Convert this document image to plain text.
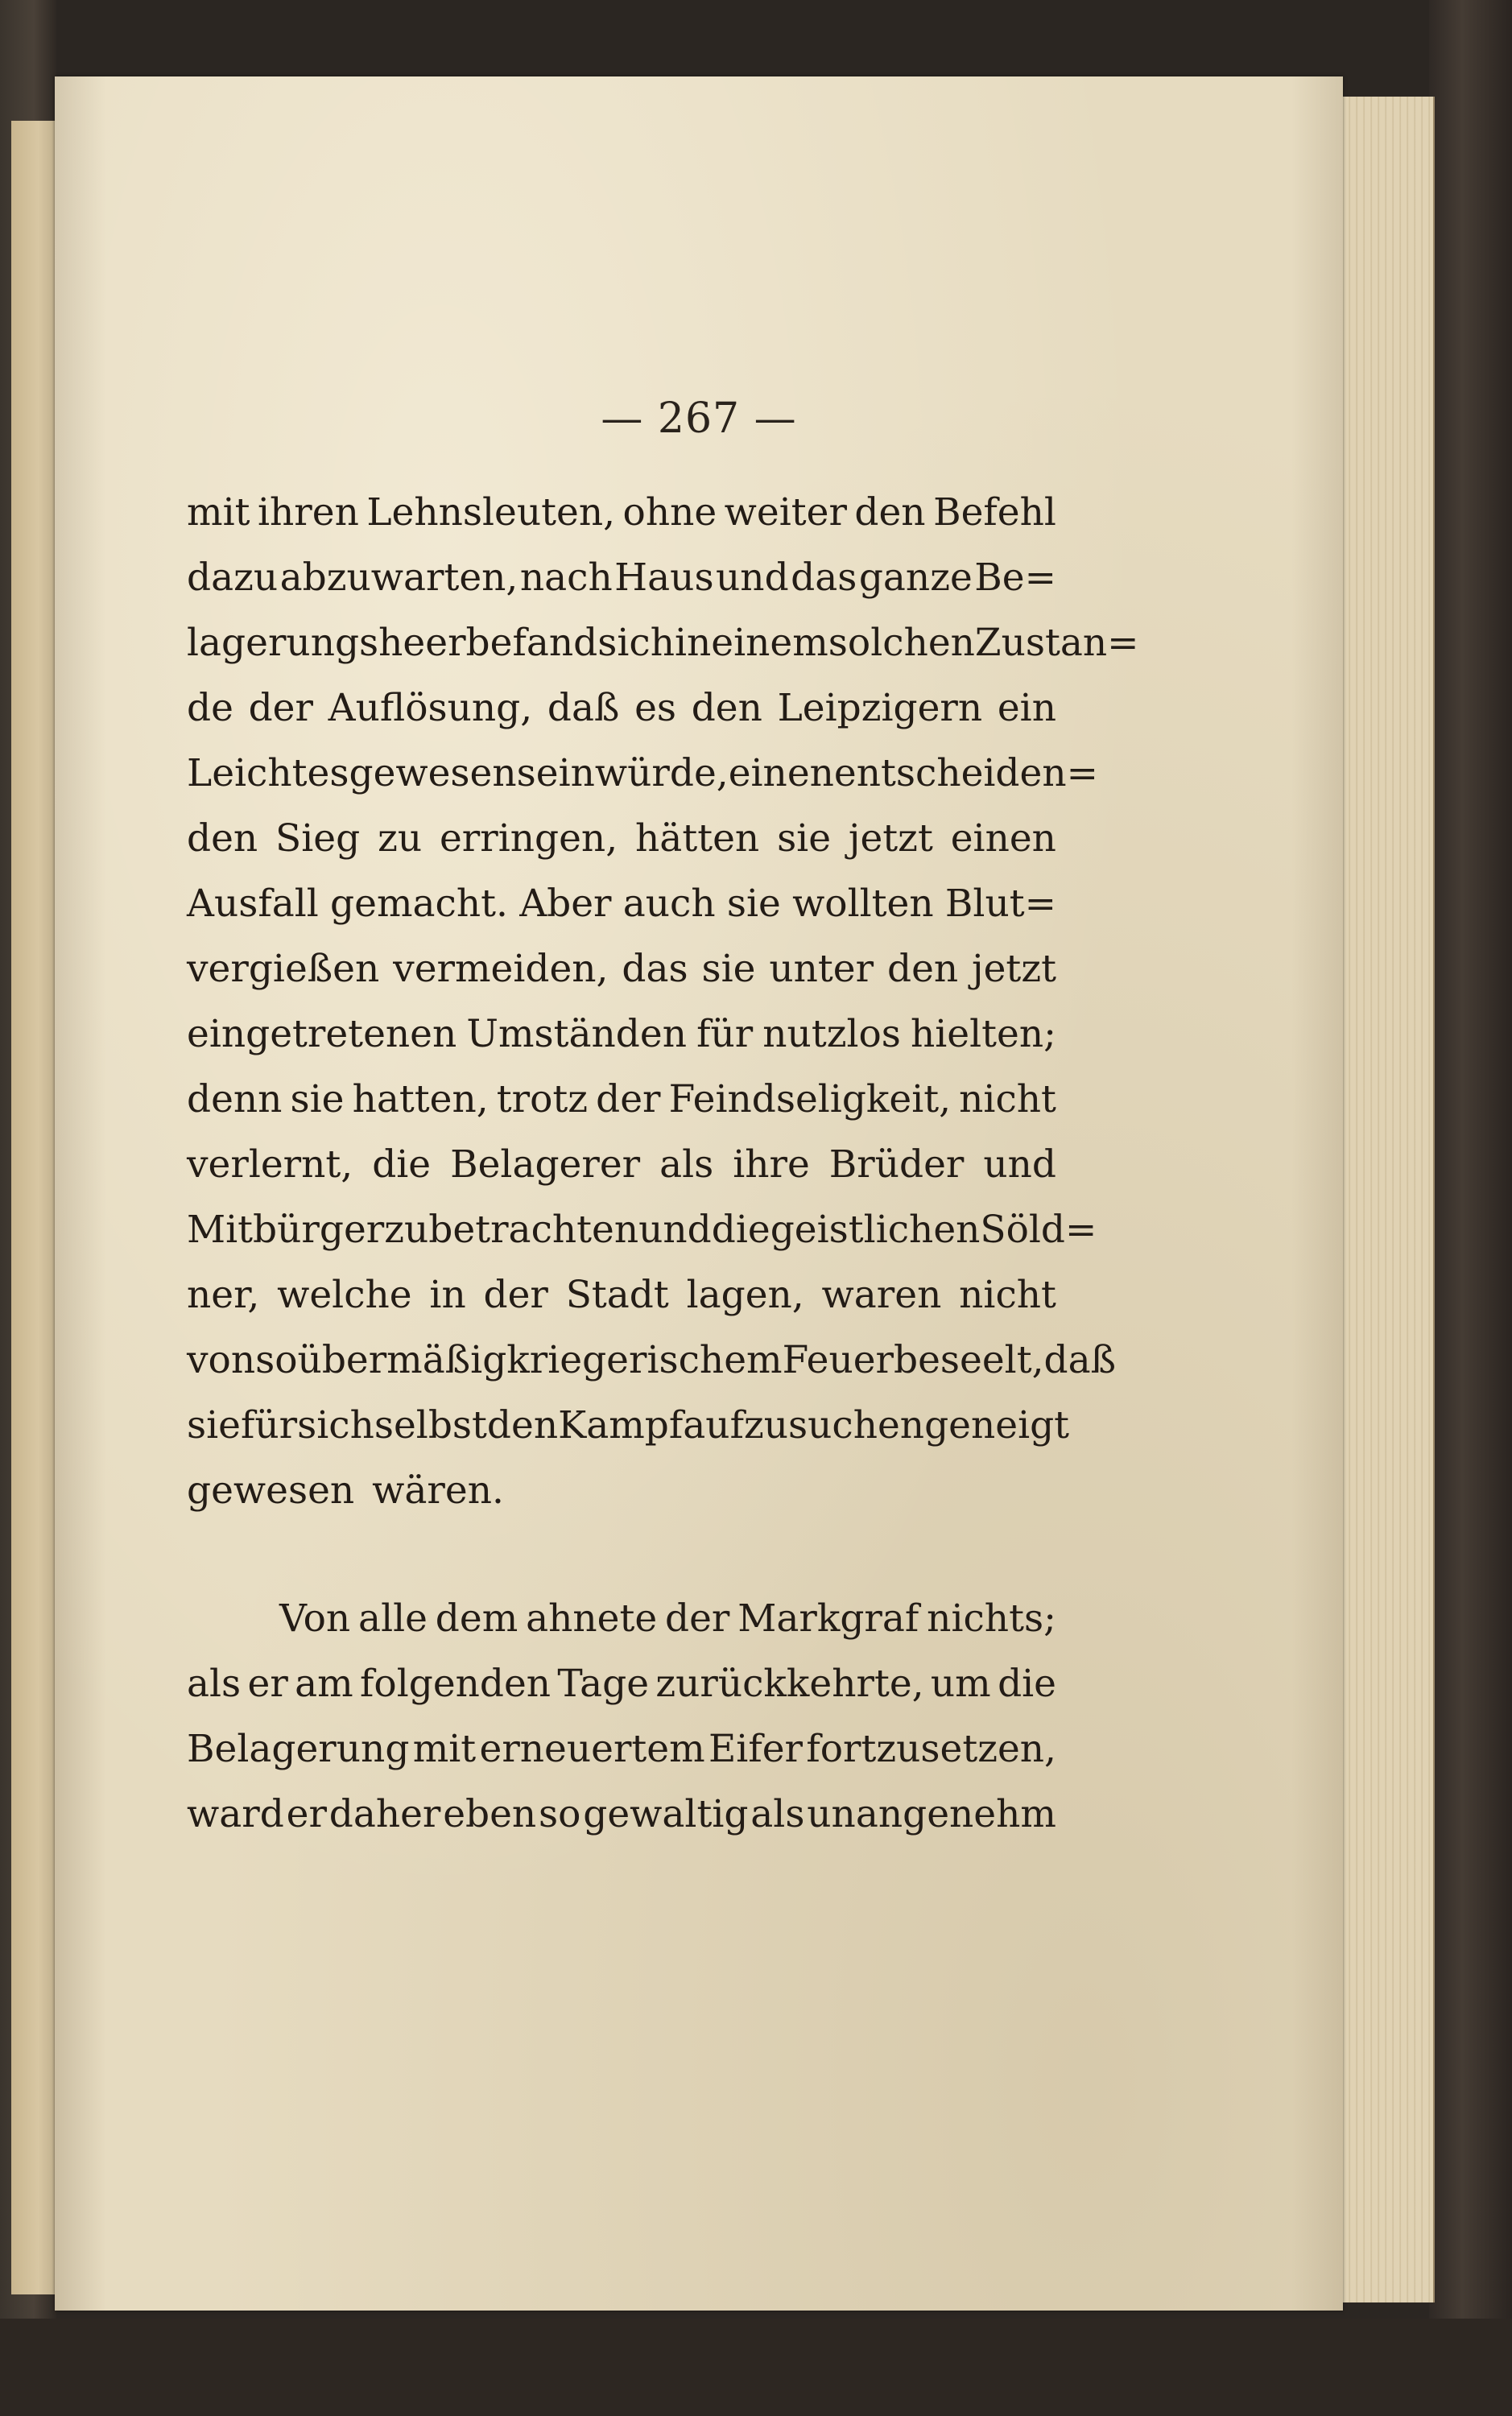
— 267 —
mit ihren Lehnsleuten, ohne weiter den Befehl
dazu abzuwarten, nach Haus und das ganze Be=
lagerungsheer befand sich in einem solchen Zustan=
de der Auflösung, daß es den Leipzigern ein
Leichtes gewesen sein würde, einen entscheiden=
den Sieg zu erringen, hätten sie jetzt einen
Ausfall gemacht. Aber auch sie wollten Blut=
vergießen vermeiden, das sie unter den jetzt
eingetretenen Umständen für nutzlos hielten;
denn sie hatten, trotz der Feindseligkeit, nicht
verlernt, die Belagerer als ihre Brüder und
Mitbürger zu betrachten und die geistlichen Söld=
ner, welche in der Stadt lagen, waren nicht
von so übermäßig kriegerischem Feuer beseelt, daß
sie für sich selbst den Kampf aufzusuchen geneigt
gewesen wären.
Von alle dem ahnete der Markgraf nichts;
als er am folgenden Tage zurückkehrte, um die
Belagerung mit erneuertem Eifer fortzusetzen,
ward er daher eben so gewaltig als unangenehm
